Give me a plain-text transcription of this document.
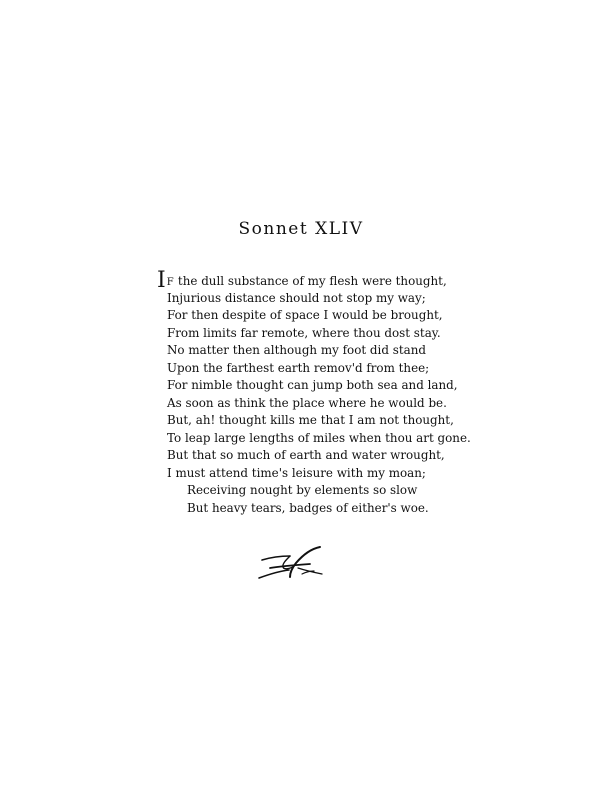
Sonnet XLIV
IF the dull substance of my flesh were thought,
Injurious distance should not stop my way;
For then despite of space I would be brought,
From limits far remote, where thou dost stay.
No matter then although my foot did stand
Upon the farthest earth remov'd from thee;
For nimble thought can jump both sea and land,
As soon as think the place where he would be.
But, ah! thought kills me that I am not thought,
To leap large lengths of miles when thou art gone.
But that so much of earth and water wrought,
I must attend time's leisure with my moan;
Receiving nought by elements so slow
But heavy tears, badges of either's woe.
